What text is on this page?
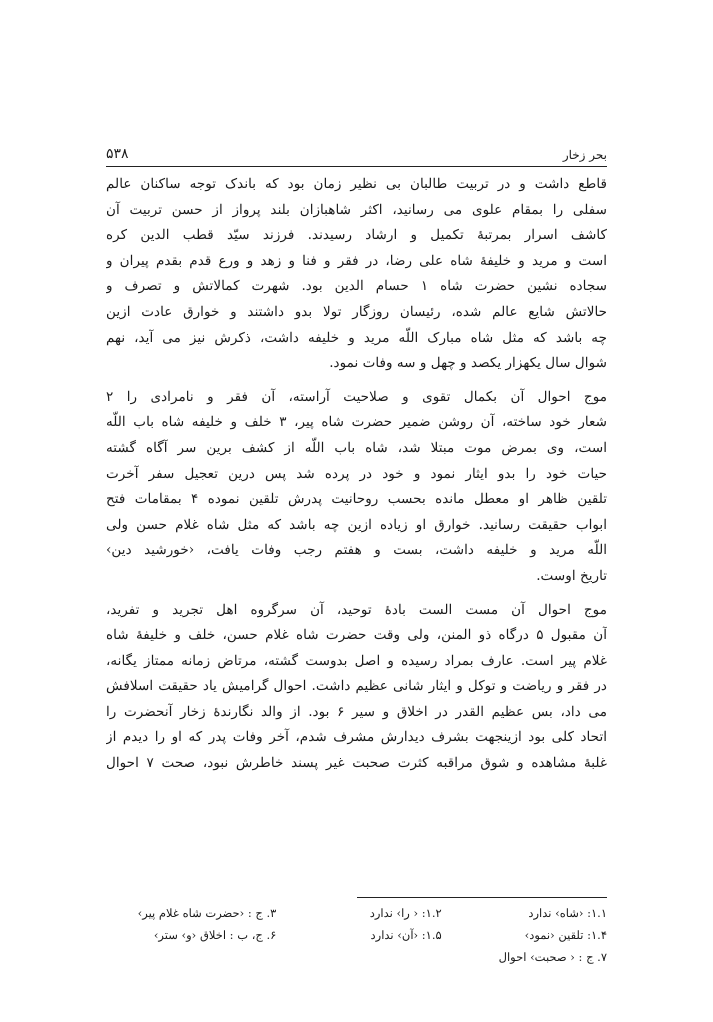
بحر زخار
۵۳۸

قاطع داشت و در تربیت طالبان بی نظیر زمان بود که باندک توجه ساکنان عالم

سفلی را بمقام علوی می رسانید، اکثر شاهبازان بلند پرواز از حسن تربیت آن

کاشف اسرار بمرتبهٔ تکمیل و ارشاد رسیدند. فرزند سیّد قطب الدین کره

است و مرید و خلیفهٔ شاه علی رضا، در فقر و فنا و زهد و ورع قدم بقدم پیران و

سجاده نشین حضرت شاه ۱ حسام الدین بود. شهرت کمالاتش و تصرف و

حالاتش شایع عالم شده، رئیسان روزگار تولا بدو داشتند و خوارق عادت ازین

چه باشد که مثل شاه مبارک اللّه مرید و خلیفه داشت، ذکرش نیز می آید، نهم

شوال سال یکهزار یکصد و چهل و سه وفات نمود.

موج احوال آن بکمال تقوی و صلاحیت آراسته، آن فقر و نامرادی را ۲

شعار خود ساخته، آن روشن ضمیر حضرت شاه پیر، ۳ خلف و خلیفه شاه باب اللّه

است، وی بمرض موت مبتلا شد، شاه باب اللّه از کشف برین سر آگاه گشته

حیات خود را بدو ایثار نمود و خود در پرده شد پس درین تعجیل سفر آخرت

تلقین ظاهر او معطل مانده بحسب روحانیت پدرش تلقین نموده ۴ بمقامات فتح

ابواب حقیقت رسانید. خوارق او زیاده ازین چه باشد که مثل شاه غلام حسن ولی

اللّه مرید و خلیفه داشت، بست و هفتم رجب وفات یافت، ‹خورشید دین›

تاریخ اوست.

موج احوال آن مست الست بادهٔ توحید، آن سرگروه اهل تجرید و تفرید،

آن مقبول ۵ درگاه ذو المنن، ولی وقت حضرت شاه غلام حسن، خلف و خلیفهٔ شاه

غلام پیر است. عارف بمراد رسیده و اصل بدوست گشته، مرتاض زمانه ممتاز یگانه،

در فقر و ریاضت و توکل و ایثار شانی عظیم داشت. احوال گرامیش یاد حقیقت اسلافش

می داد، بس عظیم القدر در اخلاق و سیر ۶ بود. از والد نگارندهٔ زخار آنحضرت را

اتحاد کلی بود ازینجهت بشرف دیدارش مشرف شدم، آخر وفات پدر که او را دیدم از

غلبهٔ مشاهده و شوق مراقبه کثرت صحبت غیر پسند خاطرش نبود، صحت ۷ احوال

۱.۱: ‹شاه› ندارد
۱.۲: ‹ را› ندارد
۳. ج : ‹حضرت شاه غلام پیر›
۱.۴: تلقین ‹نمود›
۱.۵: ‹آن› ندارد
۶. ج، ب : اخلاق ‹و› ستر›
۷. ج : ‹ صحبت› احوال
